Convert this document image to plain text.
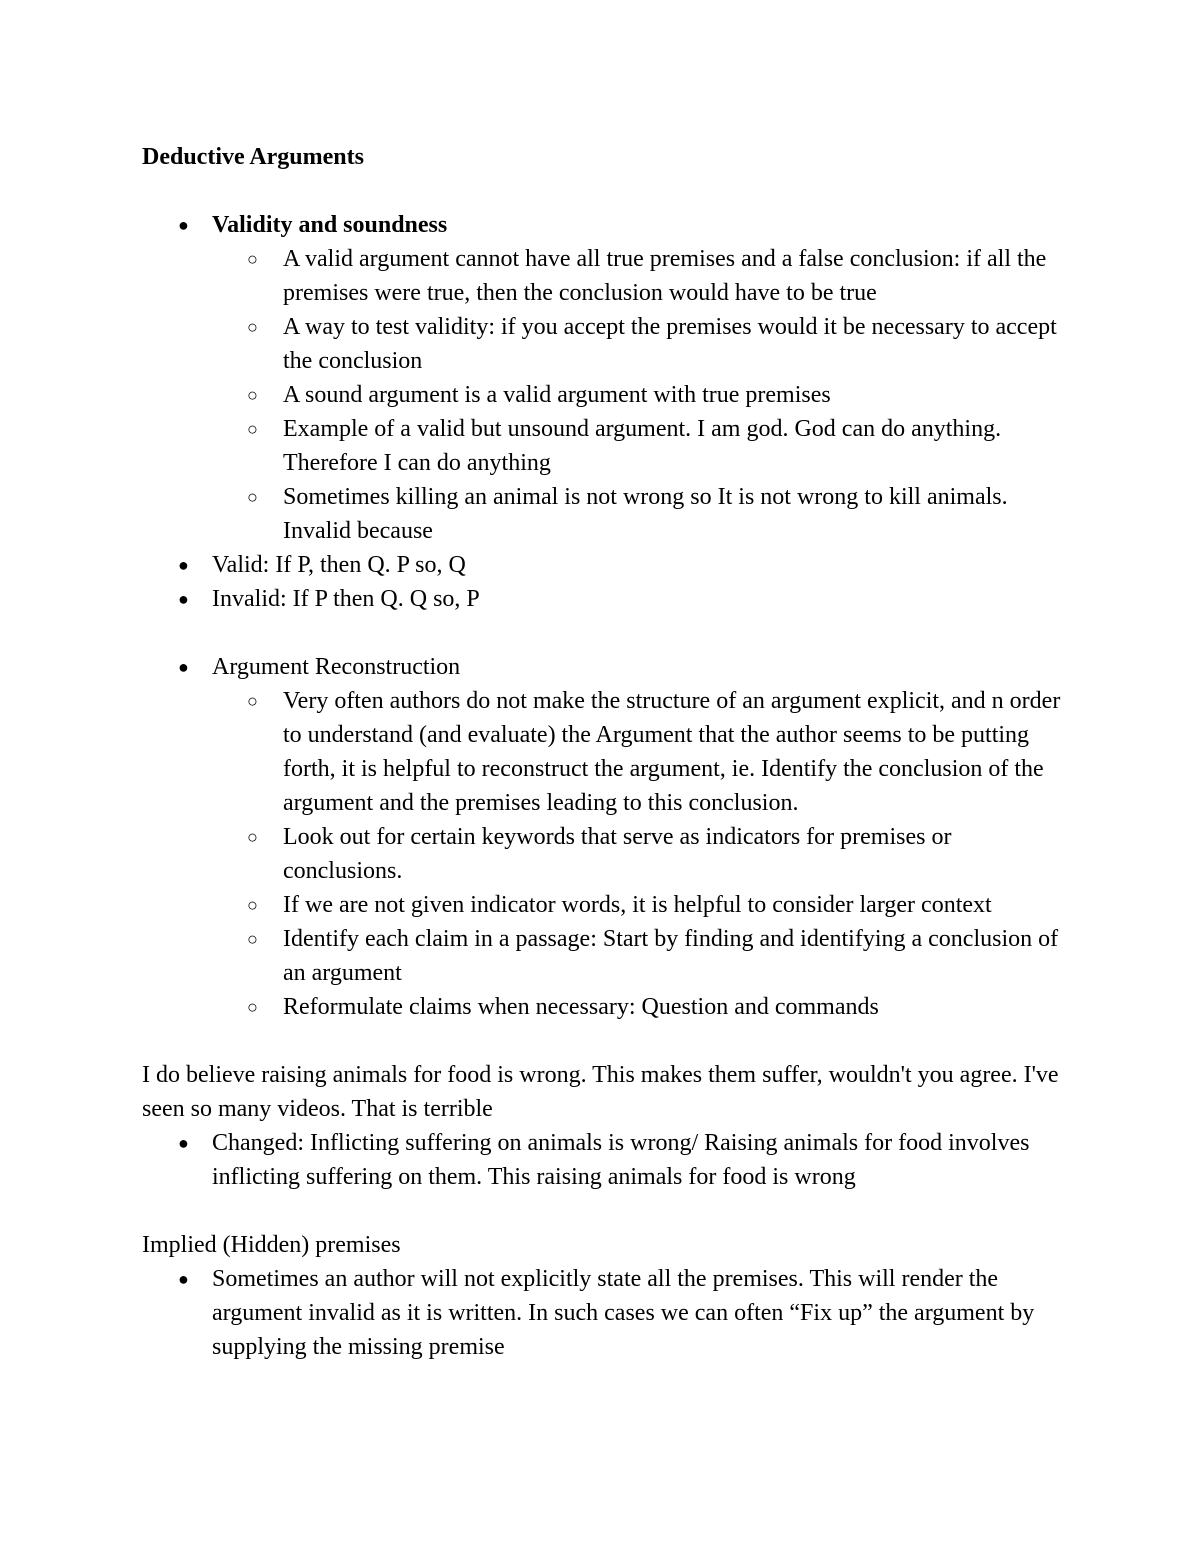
Deductive Arguments
● Validity and soundness
○ A valid argument cannot have all true premises and a false conclusion: if all the premises were true, then the conclusion would have to be true
○ A way to test validity: if you accept the premises would it be necessary to accept the conclusion
○ A sound argument is a valid argument with true premises
○ Example of a valid but unsound argument. I am god. God can do anything. Therefore I can do anything
○ Sometimes killing an animal is not wrong so It is not wrong to kill animals. Invalid because
● Valid: If P, then Q. P so, Q
● Invalid: If P then Q. Q so, P
● Argument Reconstruction
○ Very often authors do not make the structure of an argument explicit, and n order to understand (and evaluate) the Argument that the author seems to be putting forth, it is helpful to reconstruct the argument, ie. Identify the conclusion of the argument and the premises leading to this conclusion.
○ Look out for certain keywords that serve as indicators for premises or conclusions.
○ If we are not given indicator words, it is helpful to consider larger context
○ Identify each claim in a passage: Start by finding and identifying a conclusion of an argument
○ Reformulate claims when necessary: Question and commands

I do believe raising animals for food is wrong. This makes them suffer, wouldn't you agree. I've seen so many videos. That is terrible

● Changed: Inflicting suffering on animals is wrong/ Raising animals for food involves inflicting suffering on them. This raising animals for food is wrong

Implied (Hidden) premises

● Sometimes an author will not explicitly state all the premises. This will render the argument invalid as it is written. In such cases we can often “Fix up” the argument by supplying the missing premise
